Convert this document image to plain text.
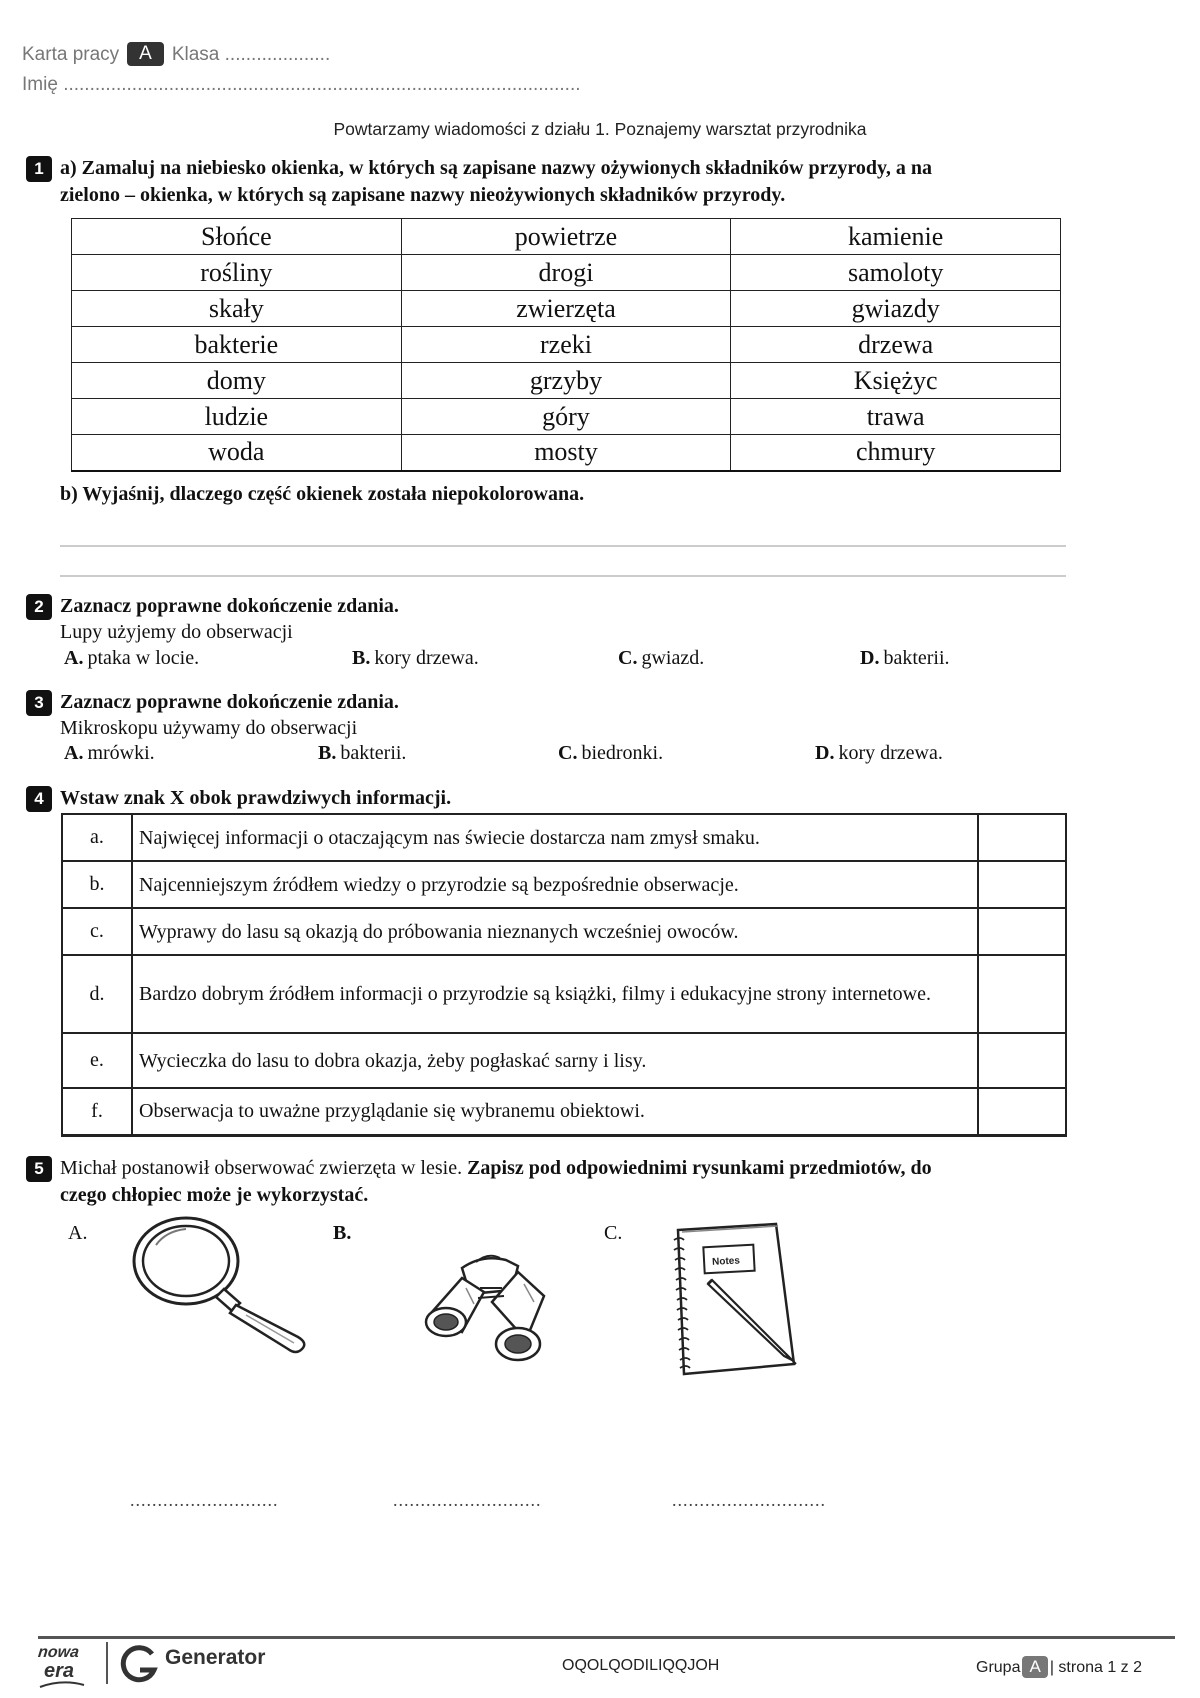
Karta pracy A Klasa ....................
Imię ..................................................................................................
Powtarzamy wiadomości z działu 1. Poznajemy warsztat przyrodnika
1 a) Zamaluj na niebiesko okienka, w których są zapisane nazwy ożywionych składników przyrody, a na
zielono – okienka, w których są zapisane nazwy nieożywionych składników przyrody.
Słońce	powietrze	kamienie
rośliny	drogi	samoloty
skały	zwierzęta	gwiazdy
bakterie	rzeki	drzewa
domy	grzyby	Księżyc
ludzie	góry	trawa
woda	mosty	chmury
b) Wyjaśnij, dlaczego część okienek została niepokolorowana.
2 Zaznacz poprawne dokończenie zdania.
Lupy użyjemy do obserwacji
A. ptaka w locie.	B. kory drzewa.	C. gwiazd.	D. bakterii.
3 Zaznacz poprawne dokończenie zdania.
Mikroskopu używamy do obserwacji
A. mrówki.	B. bakterii.	C. biedronki.	D. kory drzewa.
4 Wstaw znak X obok prawdziwych informacji.
a.	Najwięcej informacji o otaczającym nas świecie dostarcza nam zmysł smaku.	
b.	Najcenniejszym źródłem wiedzy o przyrodzie są bezpośrednie obserwacje.	
c.	Wyprawy do lasu są okazją do próbowania nieznanych wcześniej owoców.	
d.	Bardzo dobrym źródłem informacji o przyrodzie są książki, filmy i edukacyjne strony internetowe.	
e.	Wycieczka do lasu to dobra okazja, żeby pogłaskać sarny i lisy.	
f.	Obserwacja to uważne przyglądanie się wybranemu obiektowi.	
5 Michał postanowił obserwować zwierzęta w lesie. Zapisz pod odpowiednimi rysunkami przedmiotów, do
czego chłopiec może je wykorzystać.
A.	B.	C.
Notes
...........................	...........................	............................
nowa
era
Generator	OQOLQODILIQQJOH	Grupa A | strona 1 z 2
